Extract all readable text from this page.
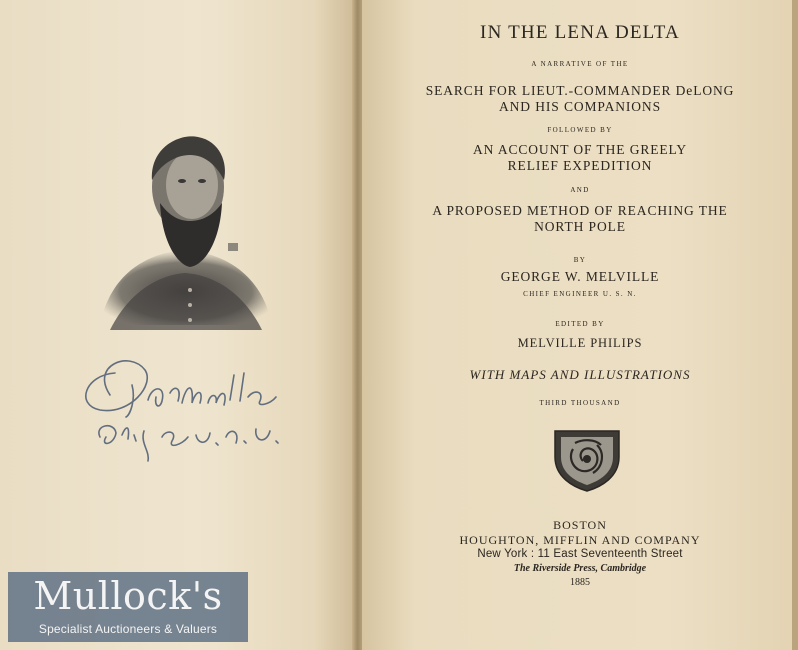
IN THE LENA DELTA
A NARRATIVE OF THE
SEARCH FOR LIEUT.-COMMANDER DeLONG
AND HIS COMPANIONS
FOLLOWED BY
AN ACCOUNT OF THE GREELY
RELIEF EXPEDITION
AND
A PROPOSED METHOD OF REACHING THE
NORTH POLE
BY
GEORGE W. MELVILLE
CHIEF ENGINEER U. S. N.
EDITED BY
MELVILLE PHILIPS
WITH MAPS AND ILLUSTRATIONS
THIRD THOUSAND
BOSTON
HOUGHTON, MIFFLIN AND COMPANY
New York : 11 East Seventeenth Street
The Riverside Press, Cambridge
1885
Mullock's
Specialist Auctioneers & Valuers
